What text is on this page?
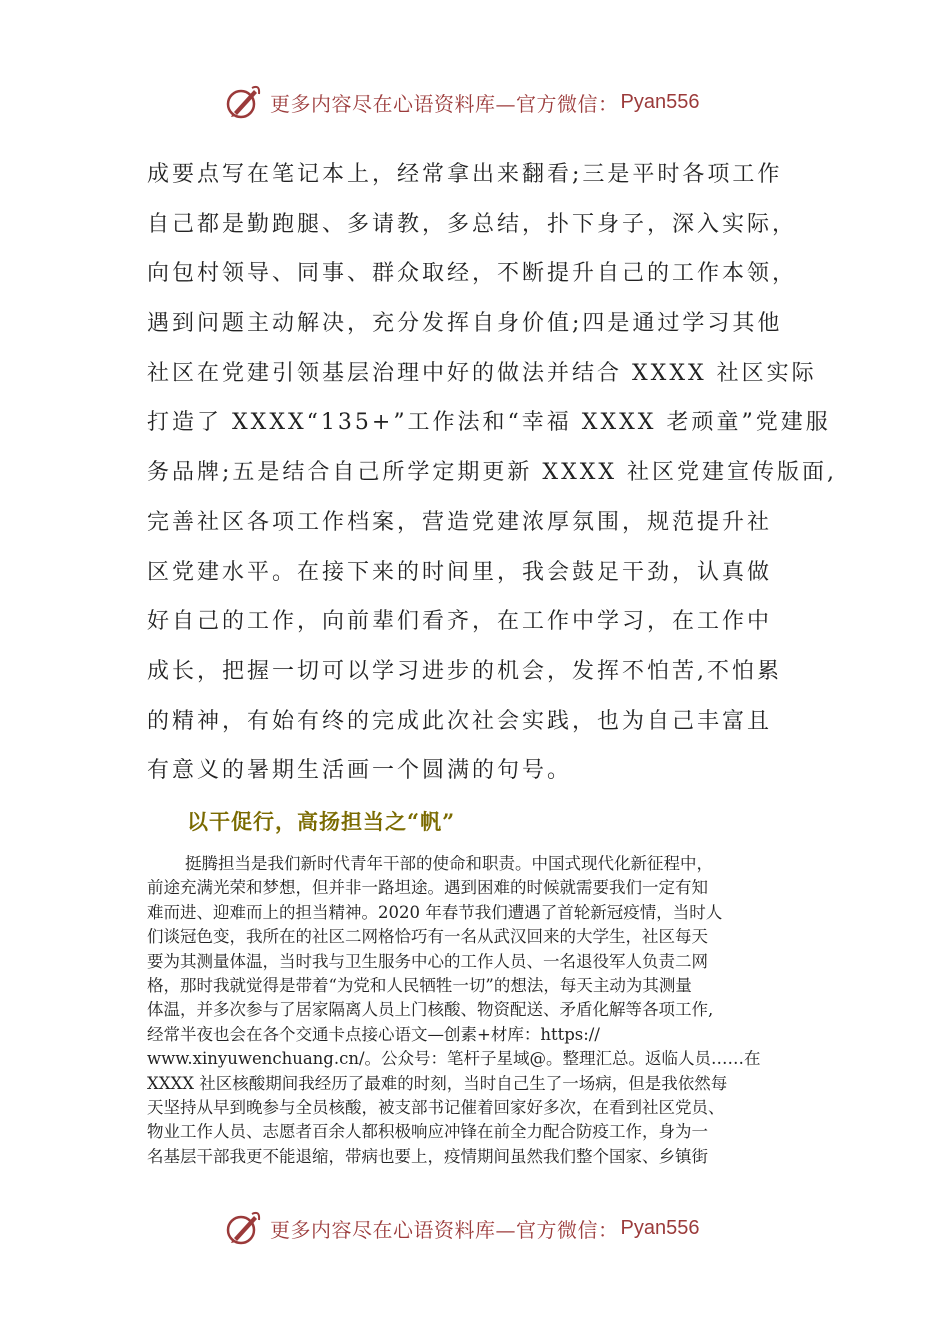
更多内容尽在心语资料库—官方微信： Pyan556
成要点写在笔记本上，经常拿出来翻看;三是平时各项工作
自己都是勤跑腿、多请教，多总结，扑下身子，深入实际，
向包村领导、同事、群众取经，不断提升自己的工作本领，
遇到问题主动解决，充分发挥自身价值;四是通过学习其他
社区在党建引领基层治理中好的做法并结合 XXXX 社区实际
打造了 XXXX“135+”工作法和“幸福 XXXX 老顽童”党建服
务品牌;五是结合自己所学定期更新 XXXX 社区党建宣传版面,
完善社区各项工作档案，营造党建浓厚氛围，规范提升社
区党建水平。在接下来的时间里，我会鼓足干劲，认真做
好自己的工作，向前辈们看齐，在工作中学习，在工作中
成长，把握一切可以学习进步的机会，发挥不怕苦,不怕累
的精神，有始有终的完成此次社会实践，也为自己丰富且
有意义的暑期生活画一个圆满的句号。
以干促行，高扬担当之“帆”
挺腾担当是我们新时代青年干部的使命和职责。中国式现代化新征程中，
前途充满光荣和梦想，但并非一路坦途。遇到困难的时候就需要我们一定有知
难而进、迎难而上的担当精神。2020 年春节我们遭遇了首轮新冠疫情，当时人
们谈冠色变，我所在的社区二网格恰巧有一名从武汉回来的大学生，社区每天
要为其测量体温，当时我与卫生服务中心的工作人员、一名退役军人负责二网
格，那时我就觉得是带着“为党和人民牺牲一切”的想法，每天主动为其测量
体温，并多次参与了居家隔离人员上门核酸、物资配送、矛盾化解等各项工作,
经常半夜也会在各个交通卡点接心语文—创素+材库：https://
www.xinyuwenchuang.cn/。公众号：笔杆子星域@。整理汇总。返临人员……在
XXXX 社区核酸期间我经历了最难的时刻，当时自己生了一场病，但是我依然每
天坚持从早到晚参与全员核酸，被支部书记催着回家好多次，在看到社区党员、
物业工作人员、志愿者百余人都积极响应冲锋在前全力配合防疫工作，身为一
名基层干部我更不能退缩，带病也要上，疫情期间虽然我们整个国家、乡镇街
更多内容尽在心语资料库—官方微信： Pyan556
